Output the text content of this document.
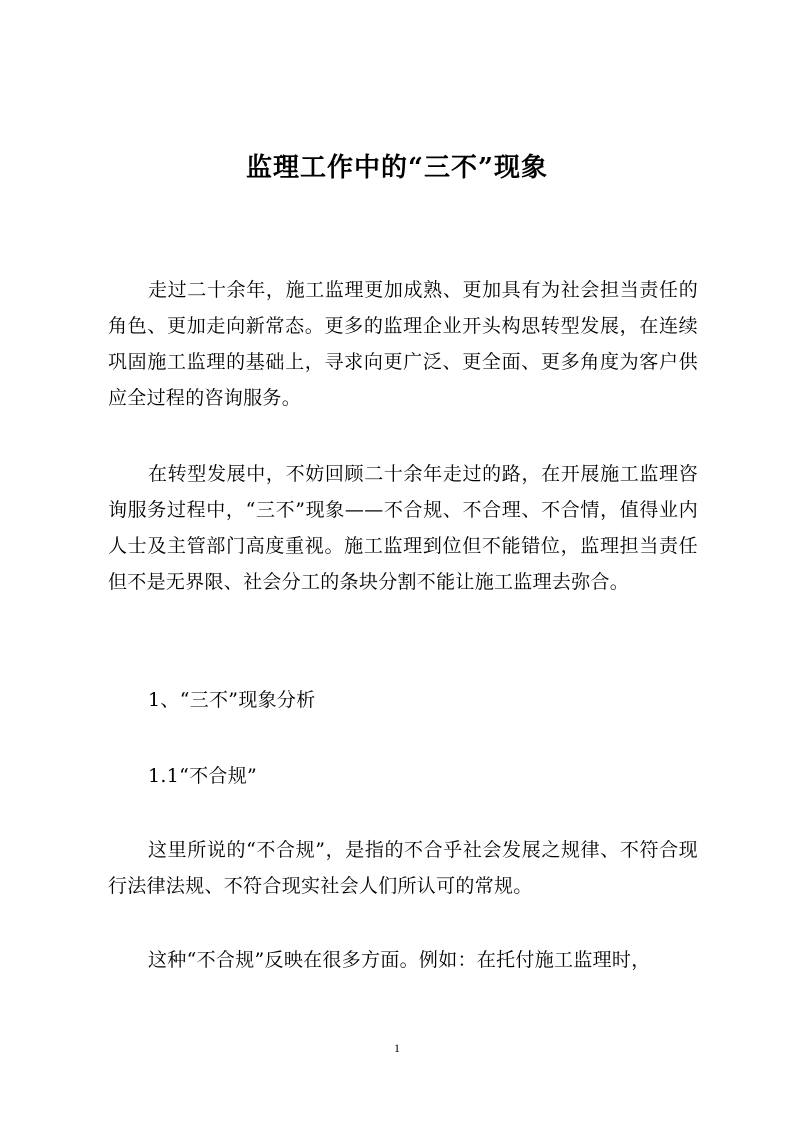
监理工作中的“三不”现象

走过二十余年，施工监理更加成熟、更加具有为社会担当责任的角色、更加走向新常态。更多的监理企业开头构思转型发展，在连续巩固施工监理的基础上，寻求向更广泛、更全面、更多角度为客户供应全过程的咨询服务。

在转型发展中，不妨回顾二十余年走过的路，在开展施工监理咨询服务过程中，“三不”现象——不合规、不合理、不合情，值得业内人士及主管部门高度重视。施工监理到位但不能错位，监理担当责任但不是无界限、社会分工的条块分割不能让施工监理去弥合。

1、“三不”现象分析

1.1“不合规”

这里所说的“不合规”，是指的不合乎社会发展之规律、不符合现行法律法规、不符合现实社会人们所认可的常规。

这种“不合规”反映在很多方面。例如：在托付施工监理时，

1
